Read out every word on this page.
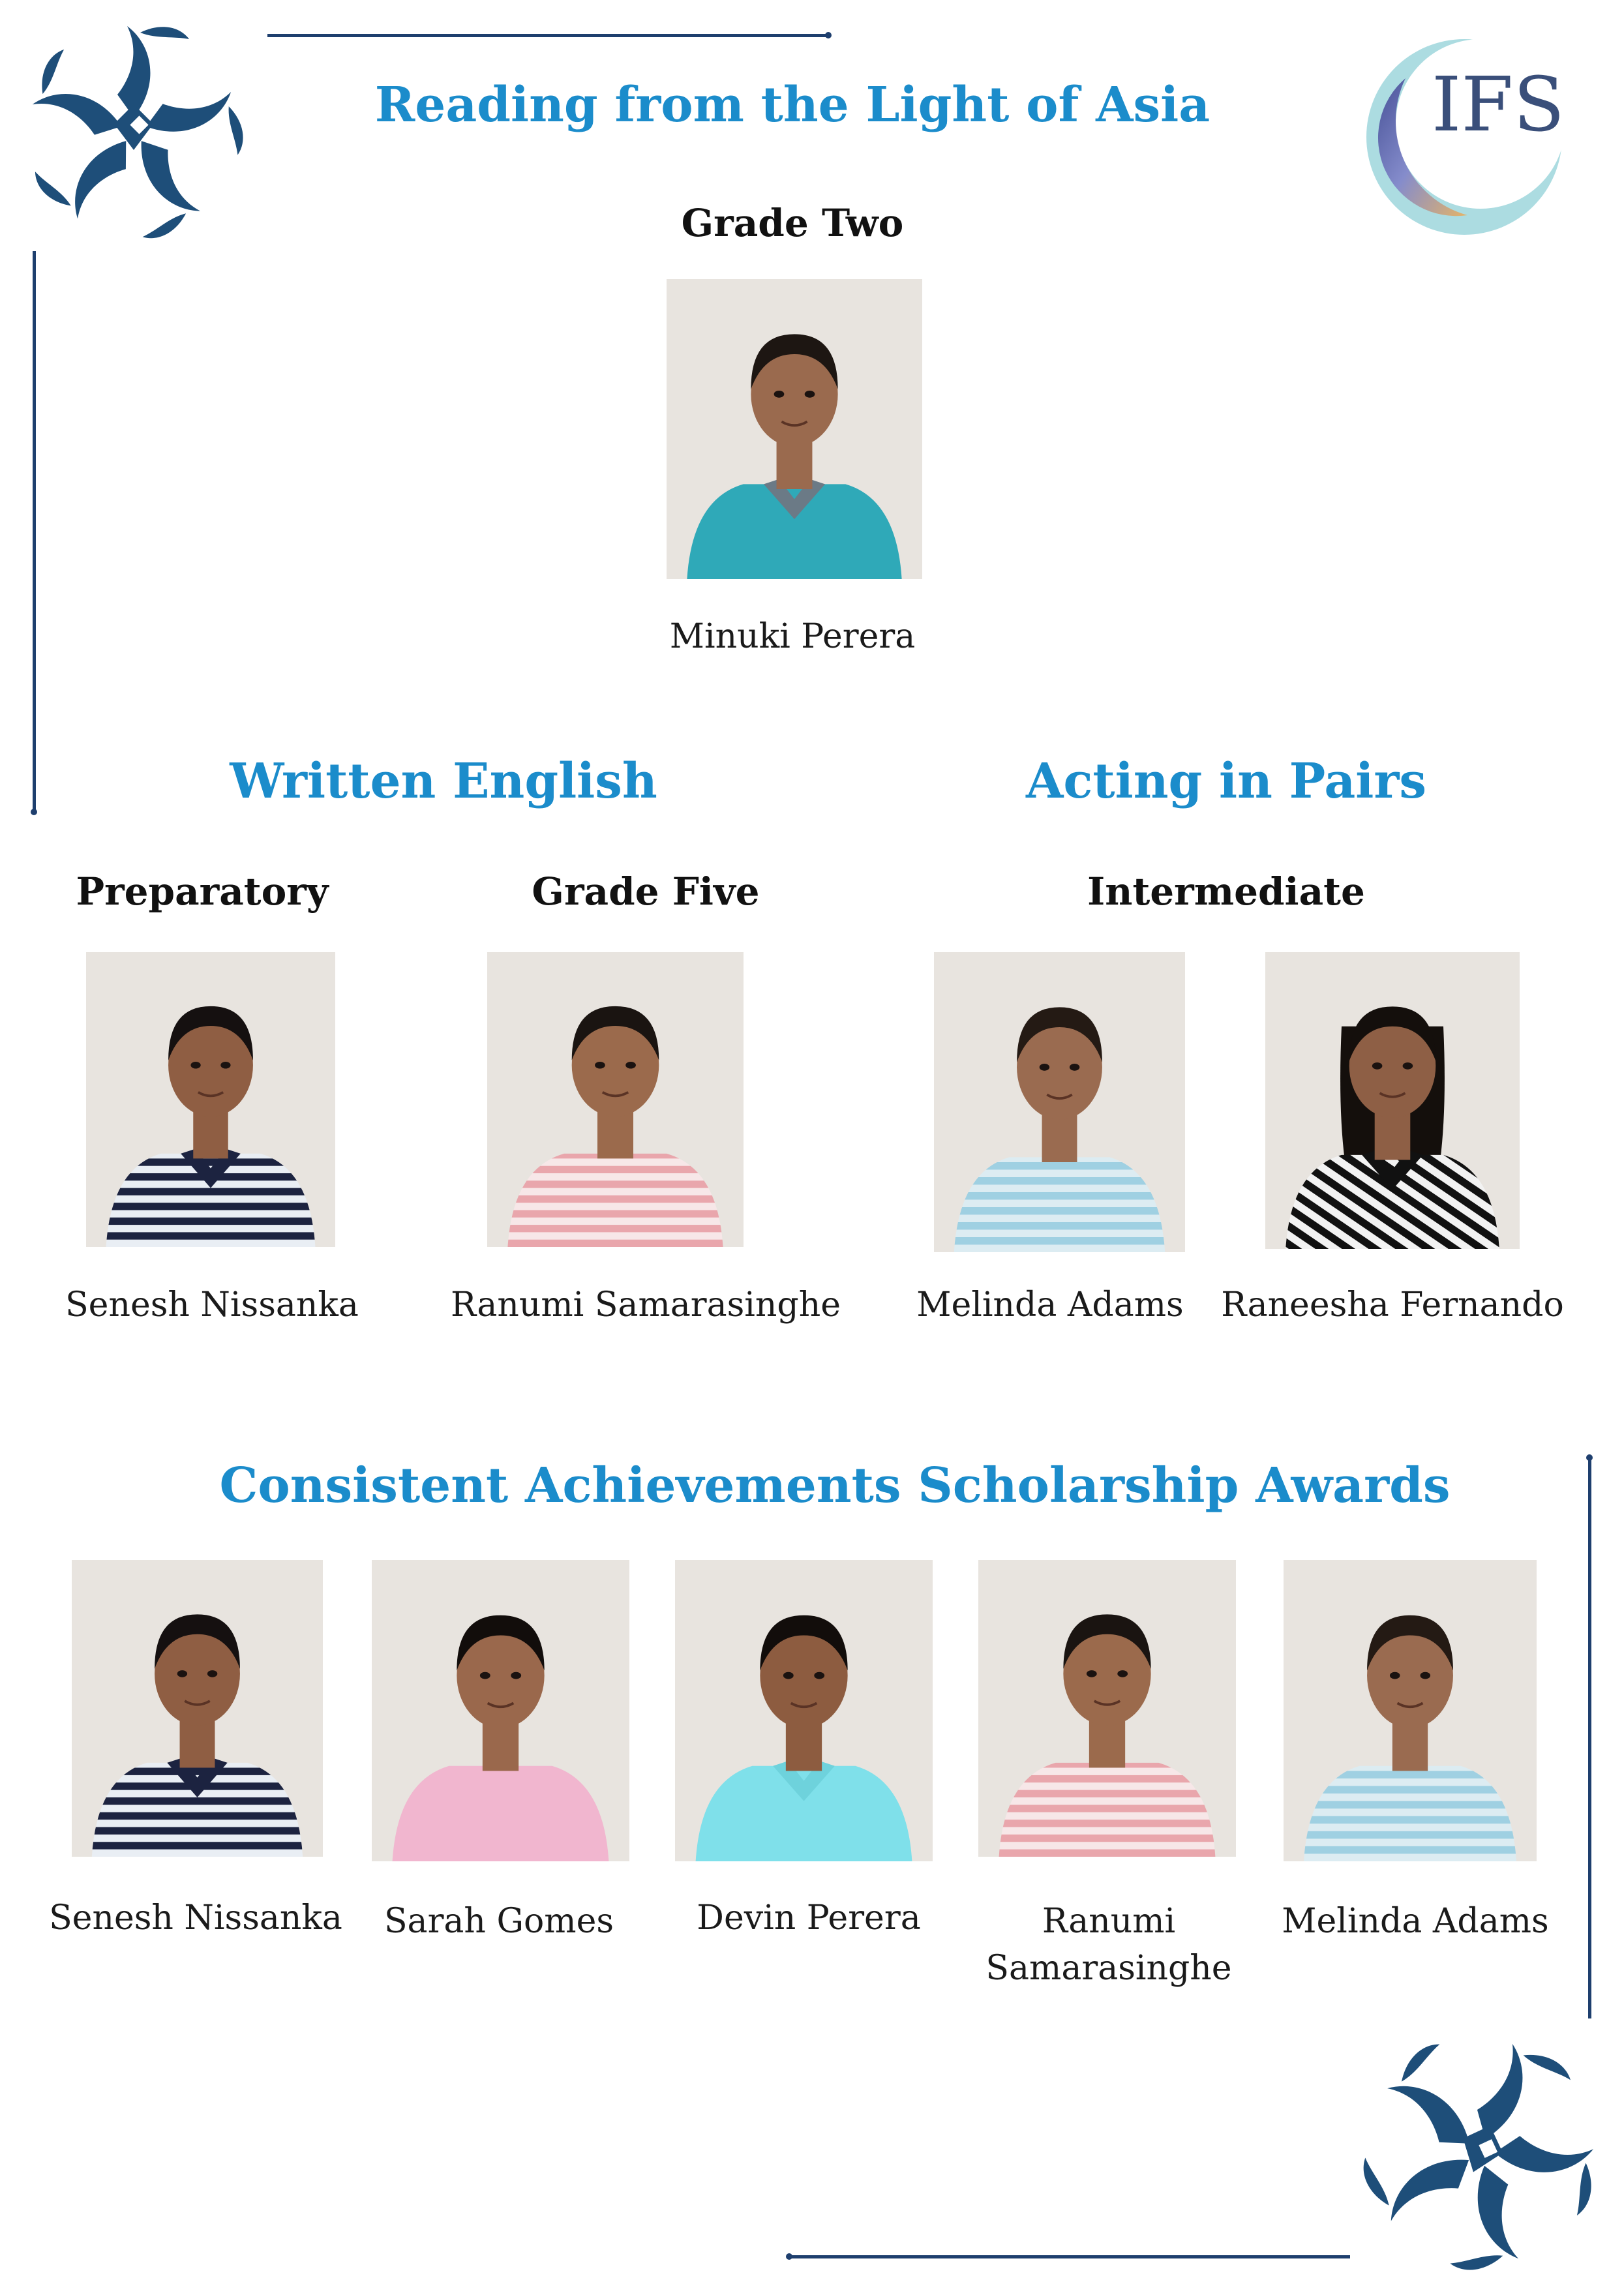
IFS
Reading from the Light of Asia
Grade Two
Minuki Perera
Written English
Preparatory	Grade Five
Senesh Nissanka	Ranumi Samarasinghe
Acting in Pairs
Intermediate
Melinda Adams	Raneesha Fernando
Consistent Achievements Scholarship Awards
Senesh Nissanka	Sarah Gomes	Devin Perera	Ranumi
Samarasinghe
Melinda Adams
